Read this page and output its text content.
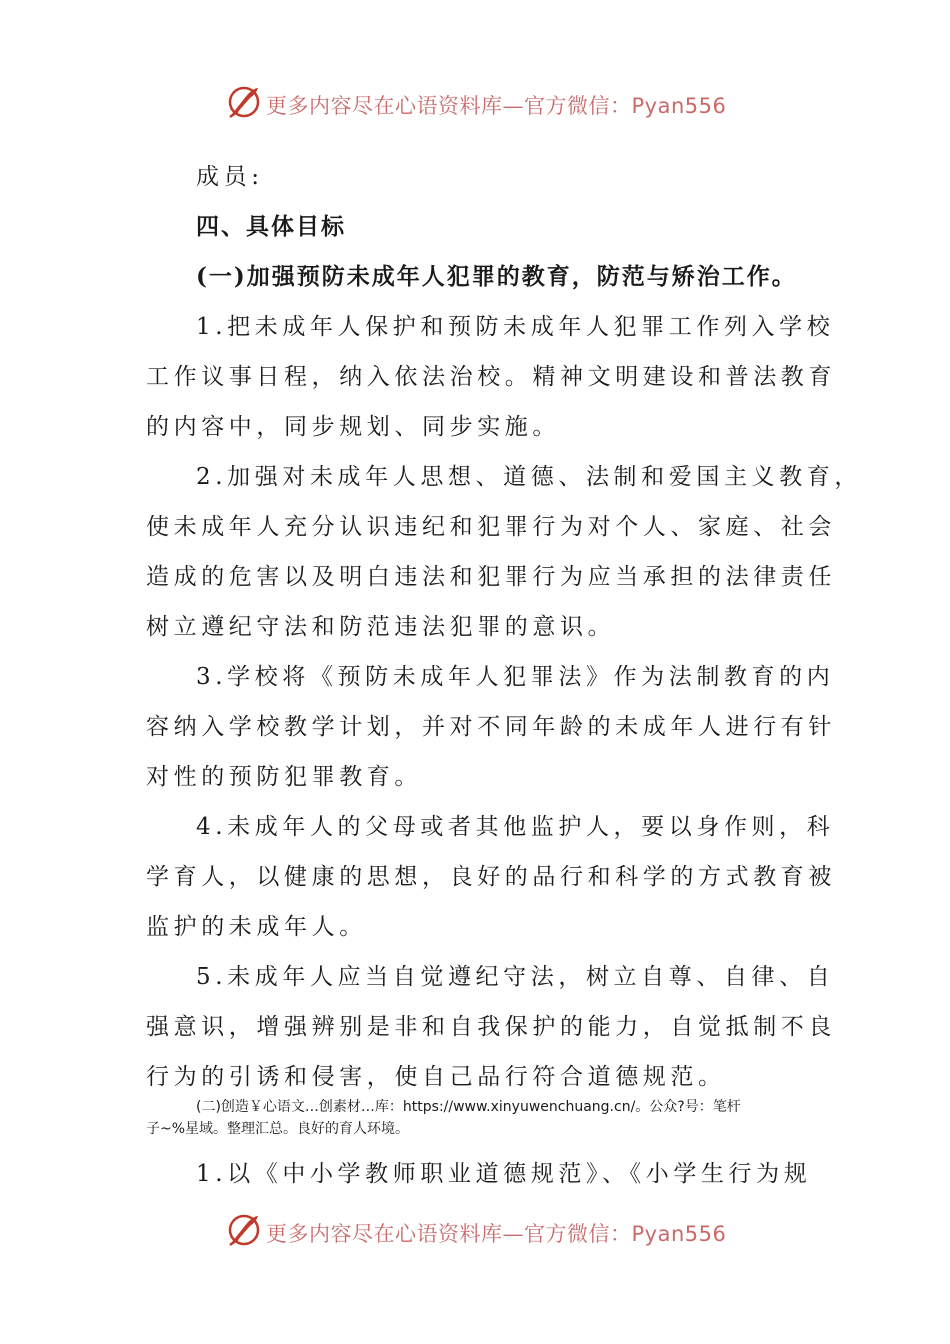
更多内容尽在心语资料库—官方微信：Pyan556
成员:
四、具体目标
(一)加强预防未成年人犯罪的教育，防范与矫治工作。
1.把未成年人保护和预防未成年人犯罪工作列入学校
工作议事日程，纳入依法治校。精神文明建设和普法教育
的内容中，同步规划、同步实施。
2.加强对未成年人思想、道德、法制和爱国主义教育，
使未成年人充分认识违纪和犯罪行为对个人、家庭、社会
造成的危害以及明白违法和犯罪行为应当承担的法律责任
树立遵纪守法和防范违法犯罪的意识。
3.学校将《预防未成年人犯罪法》作为法制教育的内
容纳入学校教学计划，并对不同年龄的未成年人进行有针
对性的预防犯罪教育。
4.未成年人的父母或者其他监护人，要以身作则，科
学育人，以健康的思想，良好的品行和科学的方式教育被
监护的未成年人。
5.未成年人应当自觉遵纪守法，树立自尊、自律、自
强意识，增强辨别是非和自我保护的能力，自觉抵制不良
行为的引诱和侵害，使自己品行符合道德规范。
(二)创造￥心语文…创素材…库：https://www.xinyuwenchuang.cn/。公众?号：笔杆
子~%星域。整理汇总。良好的育人环境。
1.以《中小学教师职业道德规范》、《小学生行为规
更多内容尽在心语资料库—官方微信：Pyan556
